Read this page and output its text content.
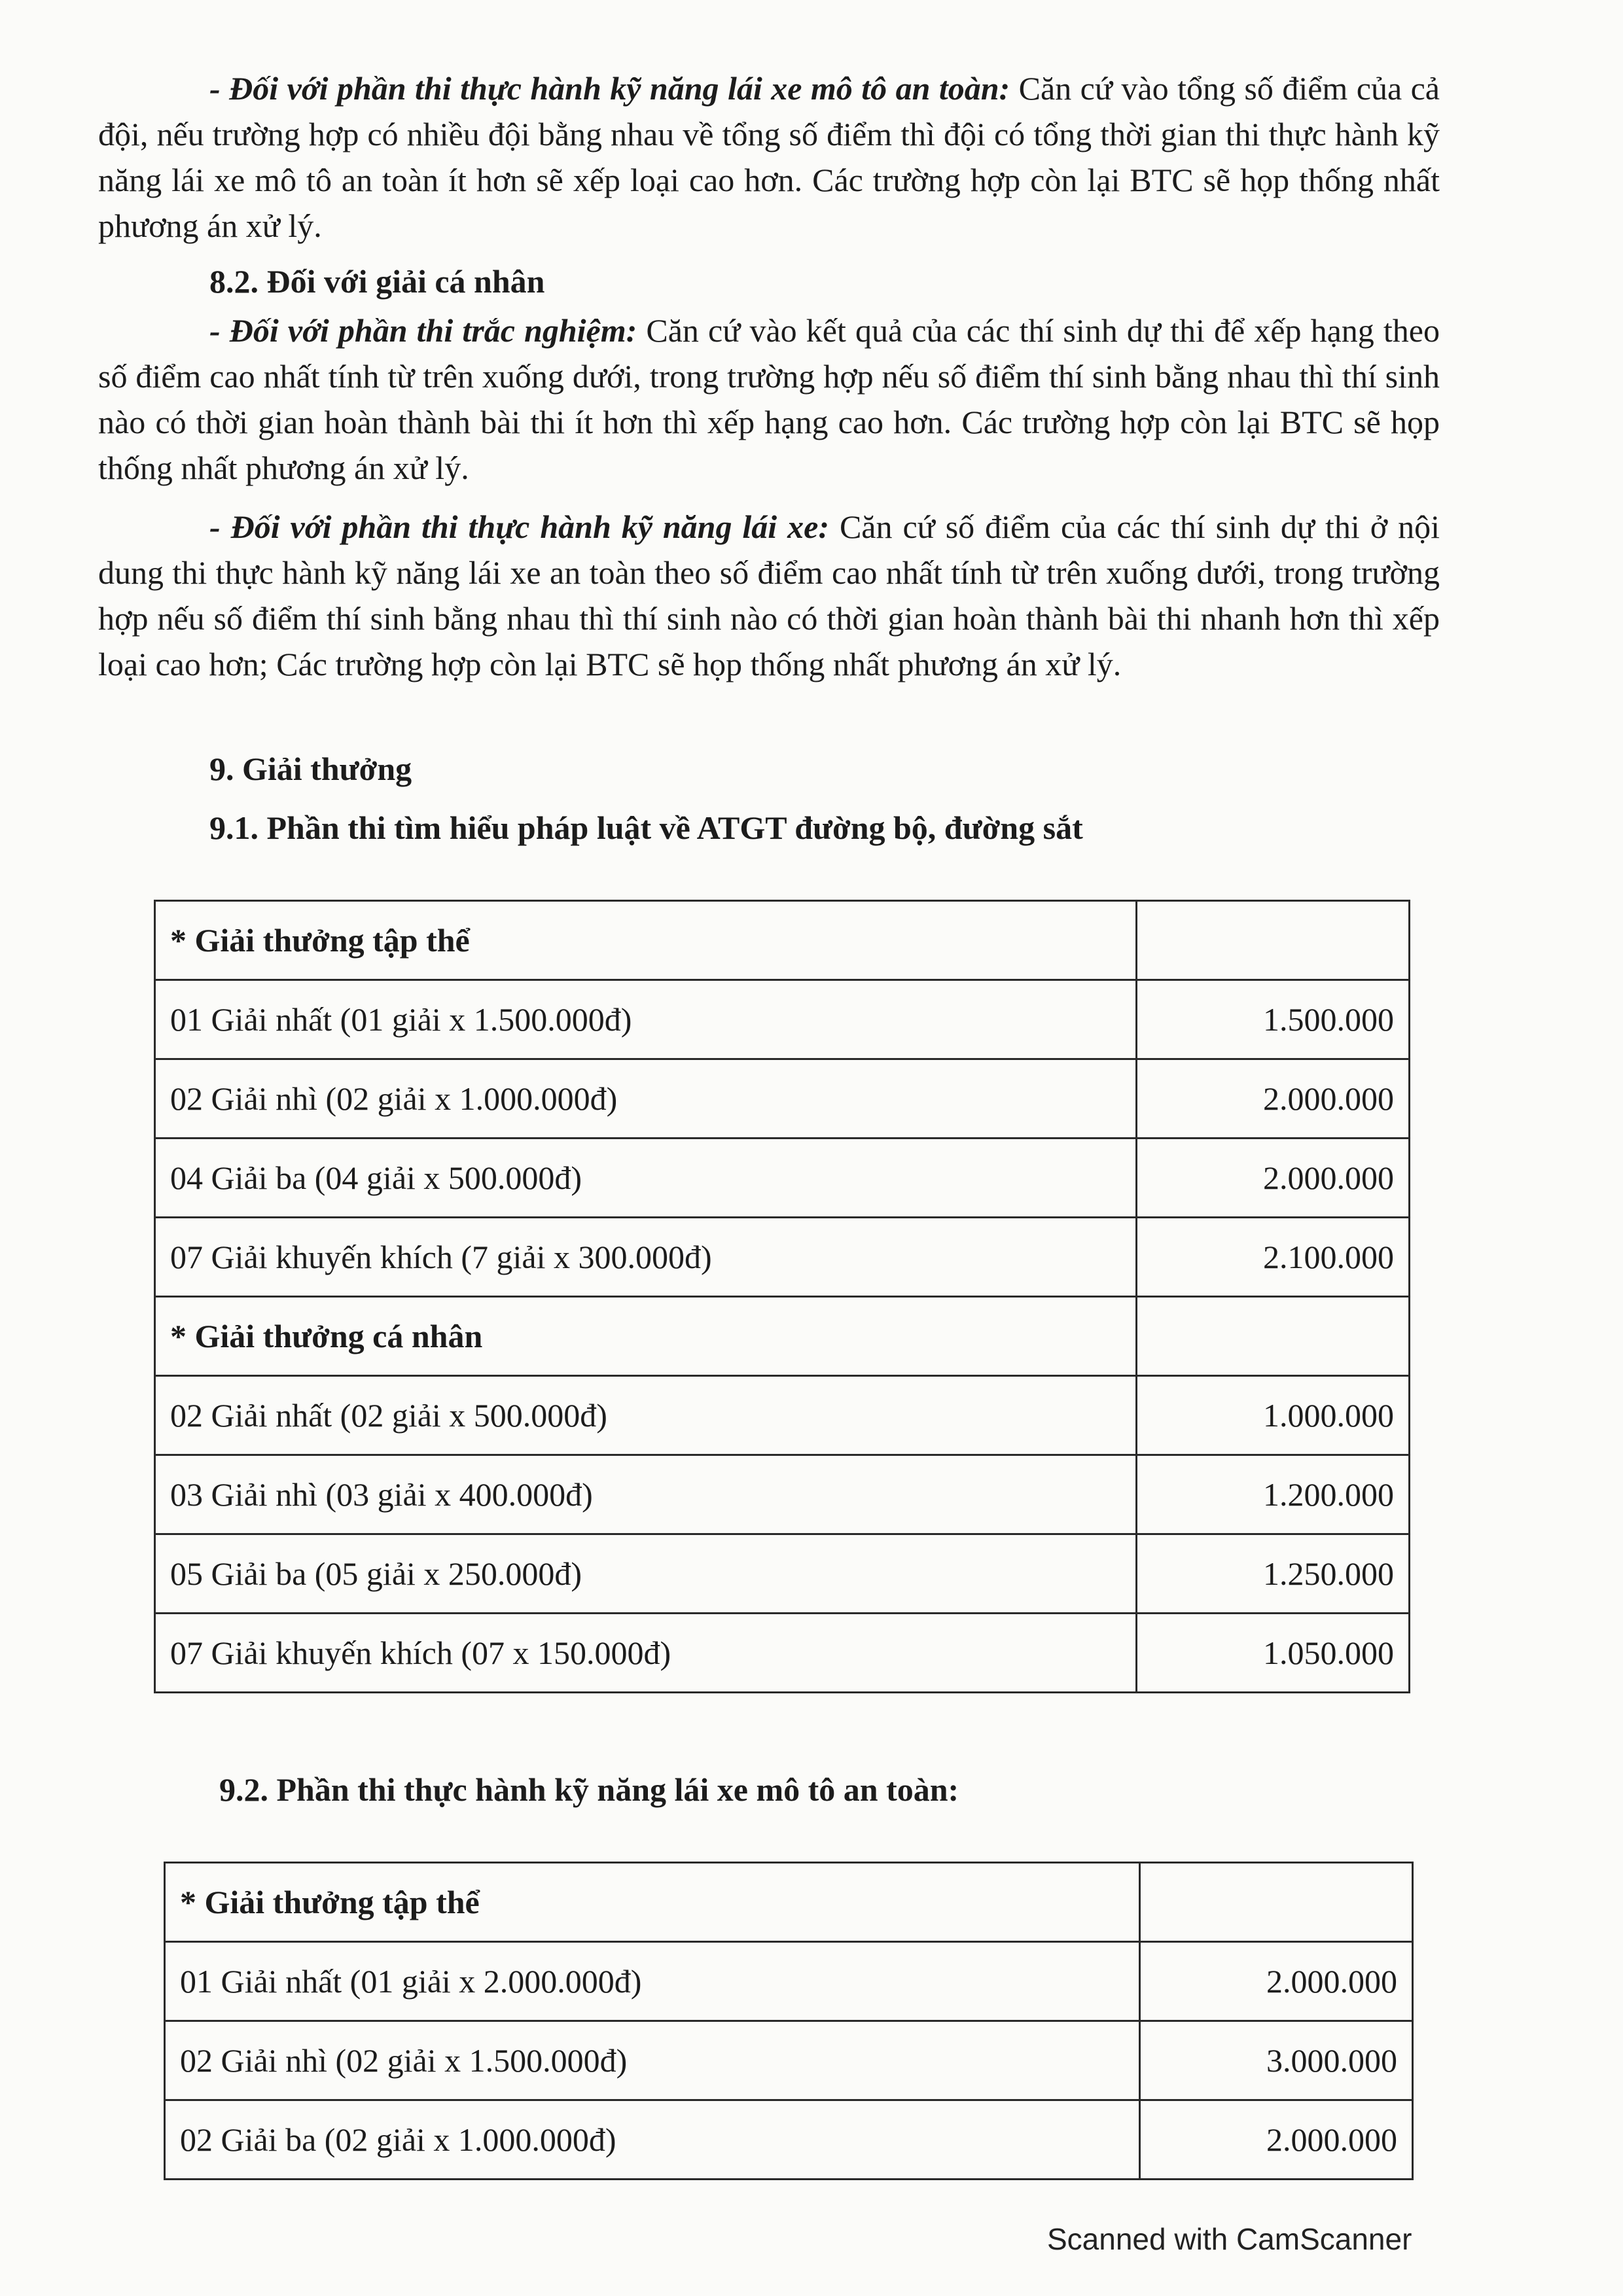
- Đối với phần thi thực hành kỹ năng lái xe mô tô an toàn: Căn cứ vào tổng số điểm của cả đội, nếu trường hợp có nhiều đội bằng nhau về tổng số điểm thì đội có tổng thời gian thi thực hành kỹ năng lái xe mô tô an toàn ít hơn sẽ xếp loại cao hơn. Các trường hợp còn lại BTC sẽ họp thống nhất phương án xử lý.

8.2. Đối với giải cá nhân

- Đối với phần thi trắc nghiệm: Căn cứ vào kết quả của các thí sinh dự thi để xếp hạng theo số điểm cao nhất tính từ trên xuống dưới, trong trường hợp nếu số điểm thí sinh bằng nhau thì thí sinh nào có thời gian hoàn thành bài thi ít hơn thì xếp hạng cao hơn. Các trường hợp còn lại BTC sẽ họp thống nhất phương án xử lý.

- Đối với phần thi thực hành kỹ năng lái xe: Căn cứ số điểm của các thí sinh dự thi ở nội dung thi thực hành kỹ năng lái xe an toàn theo số điểm cao nhất tính từ trên xuống dưới, trong trường hợp nếu số điểm thí sinh bằng nhau thì thí sinh nào có thời gian hoàn thành bài thi nhanh hơn thì xếp loại cao hơn; Các trường hợp còn lại BTC sẽ họp thống nhất phương án xử lý.

9. Giải thưởng

9.1. Phần thi tìm hiểu pháp luật về ATGT đường bộ, đường sắt

* Giải thưởng tập thể	
01 Giải nhất (01 giải x 1.500.000đ)	1.500.000
02 Giải nhì (02 giải x 1.000.000đ)	2.000.000
04 Giải ba (04 giải x 500.000đ)	2.000.000
07 Giải khuyến khích (7 giải x 300.000đ)	2.100.000
* Giải thưởng cá nhân	
02 Giải nhất (02 giải x 500.000đ)	1.000.000
03 Giải nhì (03 giải x 400.000đ)	1.200.000
05 Giải ba (05 giải x 250.000đ)	1.250.000
07 Giải khuyến khích (07 x 150.000đ)	1.050.000

9.2. Phần thi thực hành kỹ năng lái xe mô tô an toàn:

* Giải thưởng tập thể	
01 Giải nhất (01 giải x 2.000.000đ)	2.000.000
02 Giải nhì (02 giải x 1.500.000đ)	3.000.000
02 Giải ba (02 giải x 1.000.000đ)	2.000.000
Scanned with CamScanner
